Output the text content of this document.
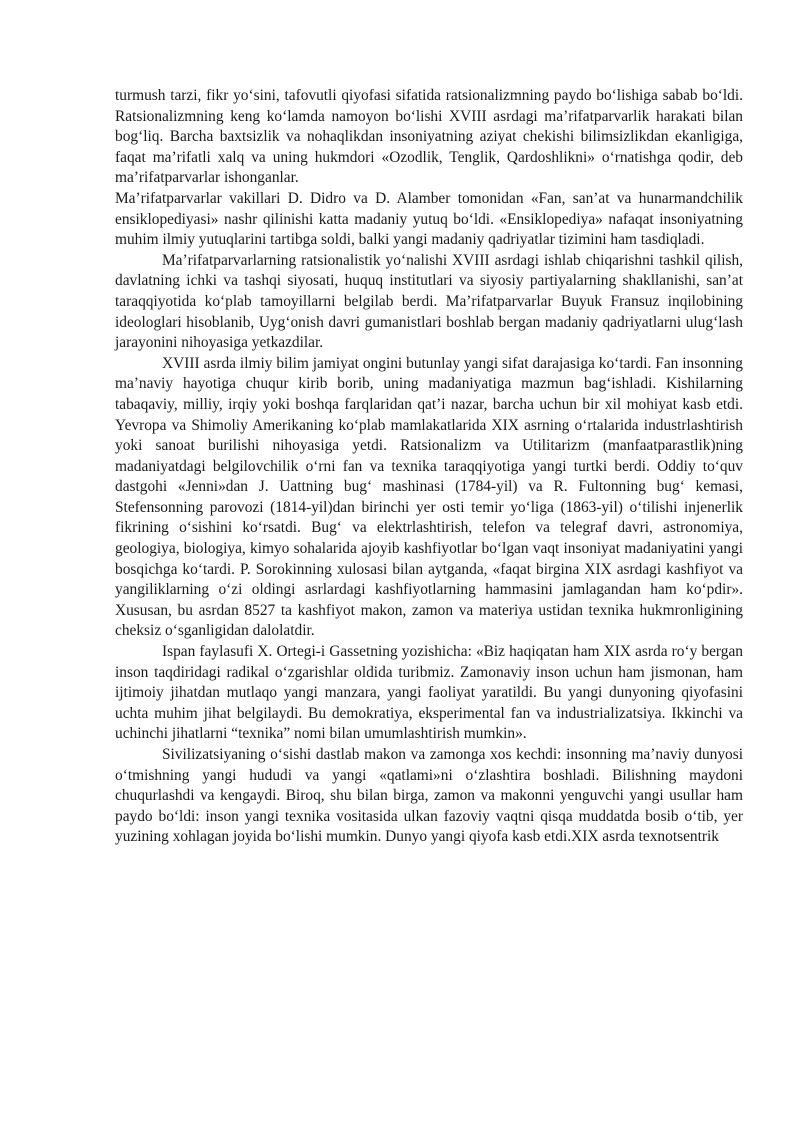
turmush tarzi, fikr yo‘sini, tafovutli qiyofasi sifatida ratsionalizmning paydo bo‘lishiga sabab bo‘ldi. Ratsionalizmning keng ko‘lamda namoyon bo‘lishi XVIII asrdagi ma’rifatparvarlik harakati bilan bog‘liq. Barcha baxtsizlik va nohaqlikdan insoniyatning aziyat chekishi bilimsizlikdan ekanligiga, faqat ma’rifatli xalq va uning hukmdori «Ozodlik, Tenglik, Qardoshlikni» o‘rnatishga qodir, deb ma’rifatparvarlar ishonganlar.

Ma’rifatparvarlar vakillari D. Didro va D. Alamber tomonidan «Fan, san’at va hunarmandchilik ensiklopediyasi» nashr qilinishi katta madaniy yutuq bo‘ldi. «Ensiklopediya» nafaqat insoniyatning muhim ilmiy yutuqlarini tartibga soldi, balki yangi madaniy qadriyatlar tizimini ham tasdiqladi.

Ma’rifatparvarlarning ratsionalistik yo‘nalishi XVIII asrdagi ishlab chiqarishni tashkil qilish, davlatning ichki va tashqi siyosati, huquq institutlari va siyosiy partiyalarning shakllanishi, san’at taraqqiyotida ko‘plab tamoyillarni belgilab berdi. Ma’rifatparvarlar Buyuk Fransuz inqilobining ideologlari hisoblanib, Uyg‘onish davri gumanistlari boshlab bergan madaniy qadriyatlarni ulug‘lash jarayonini nihoyasiga yetkazdilar.

XVIII asrda ilmiy bilim jamiyat ongini butunlay yangi sifat darajasiga ko‘tardi. Fan insonning ma’naviy hayotiga chuqur kirib borib, uning madaniyatiga mazmun bag‘ishladi. Kishilarning tabaqaviy, milliy, irqiy yoki boshqa farqlaridan qat’i nazar, barcha uchun bir xil mohiyat kasb etdi. Yevropa va Shimoliy Amerikaning ko‘plab mamlakatlarida XIX asrning o‘rtalarida industrlashtirish yoki sanoat burilishi nihoyasiga yetdi. Ratsionalizm va Utilitarizm (manfaatparastlik)ning madaniyatdagi belgilovchilik o‘rni fan va texnika taraqqiyotiga yangi turtki berdi. Oddiy to‘quv dastgohi «Jenni»dan J. Uattning bug‘ mashinasi (1784-yil) va R. Fultonning bug‘ kemasi, Stefensonning parovozi (1814-yil)dan birinchi yer osti temir yo‘liga (1863-yil) o‘tilishi injenerlik fikrining o‘sishini ko‘rsatdi. Bug‘ va elektrlashtirish, telefon va telegraf davri, astronomiya, geologiya, biologiya, kimyo sohalarida ajoyib kashfiyotlar bo‘lgan vaqt insoniyat madaniyatini yangi bosqichga ko‘tardi. P. Sorokinning xulosasi bilan aytganda, «faqat birgina XIX asrdagi kashfiyot va yangiliklarning o‘zi oldingi asrlardagi kashfiyotlarning hammasini jamlagandan ham ko‘pdir». Xususan, bu asrdan 8527 ta kashfiyot makon, zamon va materiya ustidan texnika hukmronligining cheksiz o‘sganligidan dalolatdir.

Ispan faylasufi X. Ortegi-i Gassetning yozishicha: «Biz haqiqatan ham XIX asrda ro‘y bergan inson taqdiridagi radikal o‘zgarishlar oldida turibmiz. Zamonaviy inson uchun ham jismonan, ham ijtimoiy jihatdan mutlaqo yangi manzara, yangi faoliyat yaratildi. Bu yangi dunyoning qiyofasini uchta muhim jihat belgilaydi. Bu demokratiya, eksperimental fan va industrializatsiya. Ikkinchi va uchinchi jihatlarni “texnika” nomi bilan umumlashtirish mumkin».

Sivilizatsiyaning o‘sishi dastlab makon va zamonga xos kechdi: insonning ma’naviy dunyosi o‘tmishning yangi hududi va yangi «qatlami»ni o‘zlashtira boshladi. Bilishning maydoni chuqurlashdi va kengaydi. Biroq, shu bilan birga, zamon va makonni yenguvchi yangi usullar ham paydo bo‘ldi: inson yangi texnika vositasida ulkan fazoviy vaqtni qisqa muddatda bosib o‘tib, yer yuzining xohlagan joyida bo‘lishi mumkin. Dunyo yangi qiyofa kasb etdi.XIX asrda texnotsentrik
